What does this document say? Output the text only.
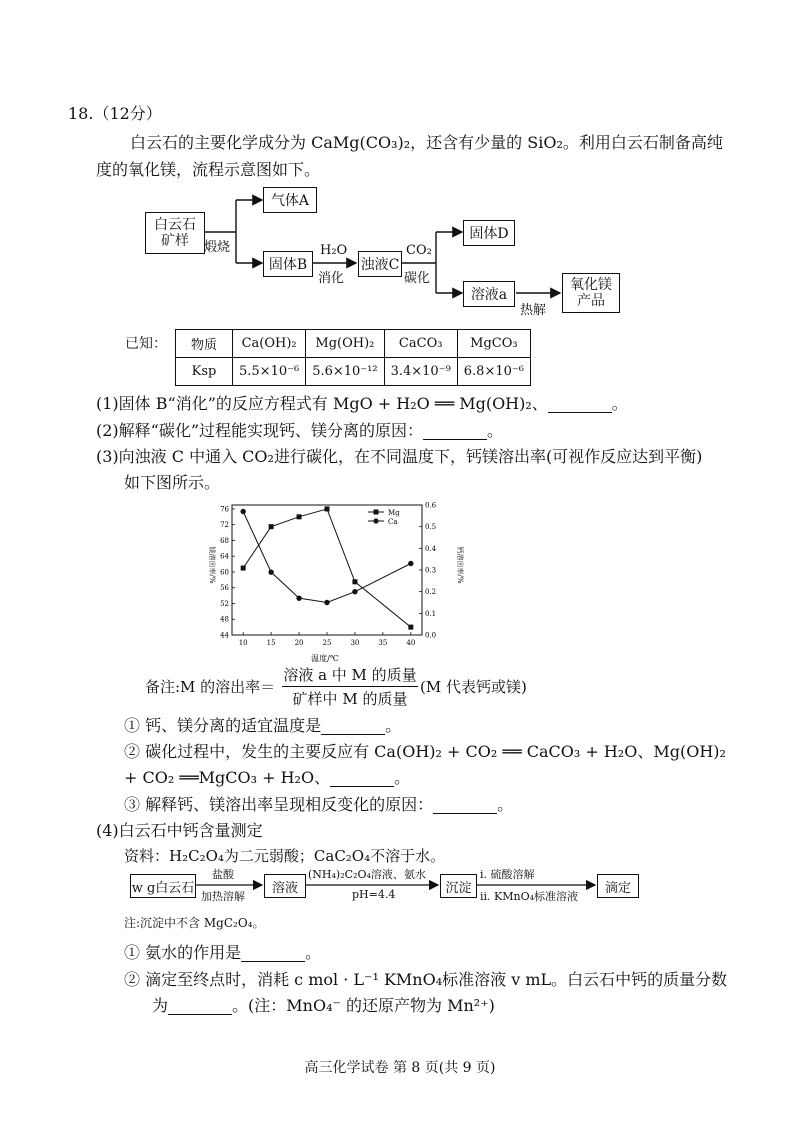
18.（12分）
白云石的主要化学成分为 CaMg(CO₃)₂，还含有少量的 SiO₂。利用白云石制备高纯
度的氧化镁，流程示意图如下。
白云石
矿样 煅烧
气体A
固体B
H₂O
消化
浊液C
CO₂
碳化
固体D
溶液a
热解
氧化镁
产品
已知： 物质	Ca(OH)₂	Mg(OH)₂	CaCO₃	MgCO₃
Ksp	5.5×10⁻⁶	5.6×10⁻¹²	3.4×10⁻⁹	6.8×10⁻⁶
(1)固体 B“消化”的反应方程式有 MgO + H₂O ══ Mg(OH)₂、	。
(2)解释“碳化”过程能实现钙、镁分离的原因：	。
(3)向浊液 C 中通入 CO₂进行碳化，在不同温度下，钙镁溶出率(可视作反应达到平衡)
如下图所示。
10	15	20	25	30	35	40
44
48
52
56
60
64
68
72
76
0.0
0.1
0.2
0.3
0.4
0.5
0.6
温度/℃
镁溶出率/%	钙溶出率/%
Mg
Ca
备注:M 的溶出率＝
溶液 a 中 M 的质量
矿样中 M 的质量
(M 代表钙或镁)
① 钙、镁分离的适宜温度是	。
② 碳化过程中，发生的主要反应有 Ca(OH)₂ + CO₂ ══ CaCO₃ + H₂O、Mg(OH)₂
+ CO₂ ══MgCO₃ + H₂O、	。
③ 解释钙、镁溶出率呈现相反变化的原因：	。
(4)白云石中钙含量测定
资料：H₂C₂O₄为二元弱酸；CaC₂O₄不溶于水。
w g白云石
盐酸
加热溶解
溶液
(NH₄)₂C₂O₄溶液、氨水
pH=4.4	沉淀
i. 硫酸溶解
ii. KMnO₄标准溶液
滴定
注:沉淀中不含 MgC₂O₄。
① 氨水的作用是	。
② 滴定至终点时，消耗 c mol · L⁻¹ KMnO₄标准溶液 v mL。白云石中钙的质量分数
为	。(注：MnO₄⁻ 的还原产物为 Mn²⁺)
高三化学试卷 第 8 页(共 9 页)
